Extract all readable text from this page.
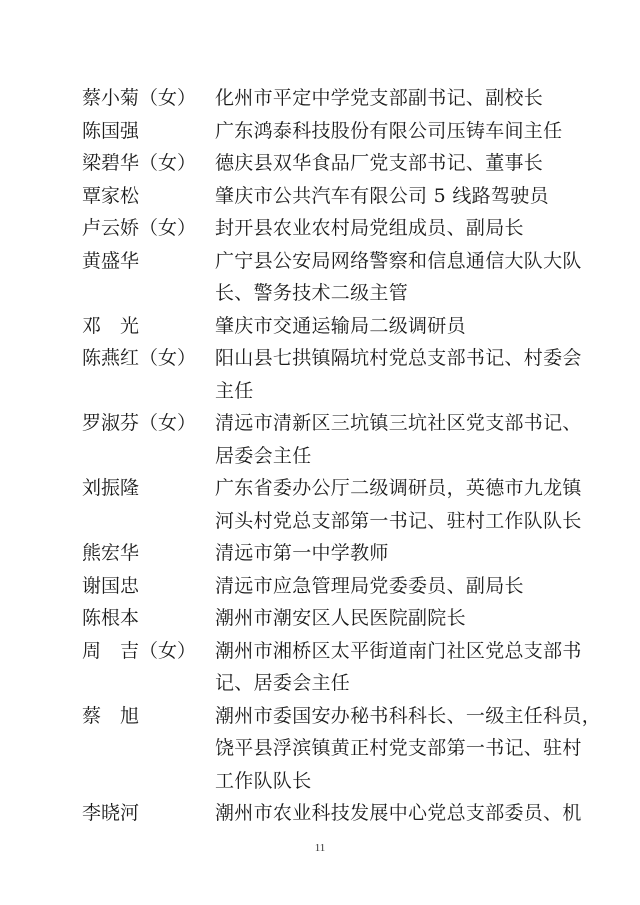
蔡小菊（女） 化州市平定中学党支部副书记、副校长
陈国强	广东鸿泰科技股份有限公司压铸车间主任
梁碧华（女） 德庆县双华食品厂党支部书记、董事长
覃家松	肇庆市公共汽车有限公司 5 线路驾驶员
卢云娇（女） 封开县农业农村局党组成员、副局长
黄盛华	广宁县公安局网络警察和信息通信大队大队
长、警务技术二级主管
邓　光	肇庆市交通运输局二级调研员
陈燕红（女） 阳山县七拱镇隔坑村党总支部书记、村委会
主任
罗淑芬（女） 清远市清新区三坑镇三坑社区党支部书记、
居委会主任
刘振隆	广东省委办公厅二级调研员，英德市九龙镇
河头村党总支部第一书记、驻村工作队队长
熊宏华	清远市第一中学教师
谢国忠	清远市应急管理局党委委员、副局长
陈根本	潮州市潮安区人民医院副院长
周　吉（女） 潮州市湘桥区太平街道南门社区党总支部书
记、居委会主任
蔡　旭	潮州市委国安办秘书科科长、一级主任科员，
饶平县浮滨镇黄正村党支部第一书记、驻村
工作队队长
李晓河	潮州市农业科技发展中心党总支部委员、机
11
